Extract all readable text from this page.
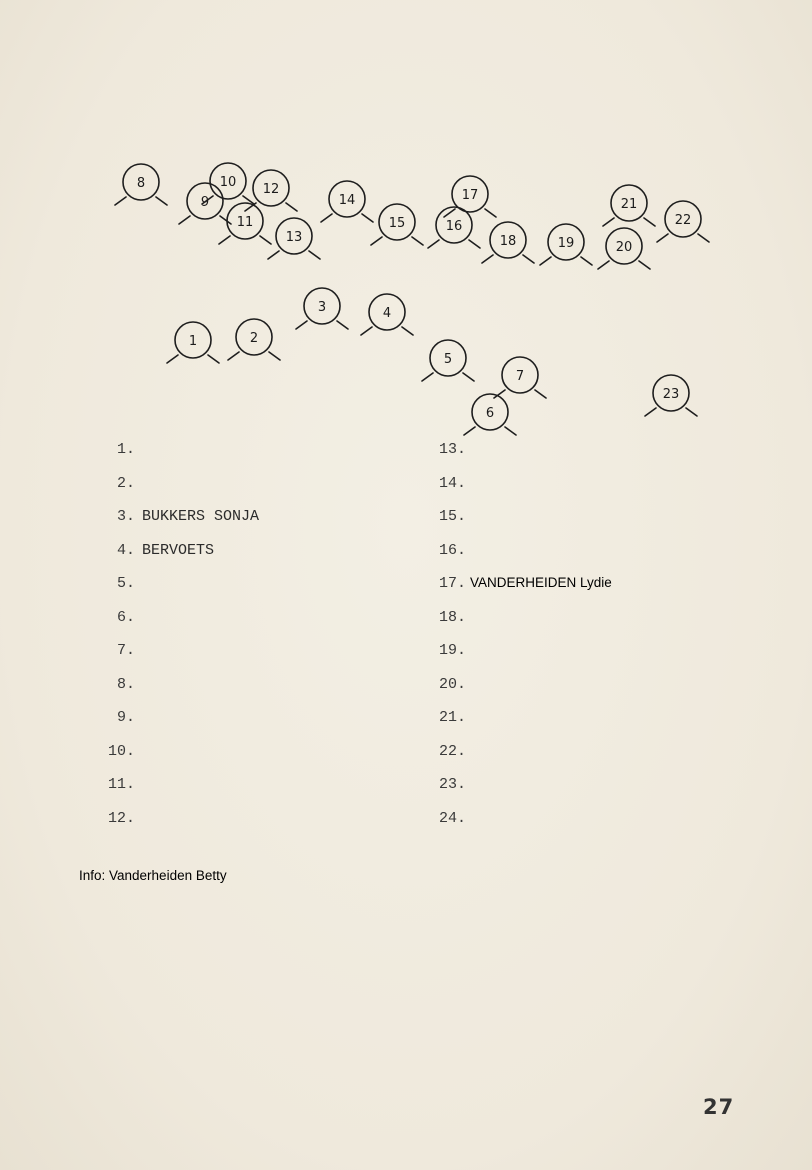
1	2
3	4
5
6
7
8
9
10
11
12
13
14
15	16
17
18	19	20
21
22
23
1.
2.
3. BUKKERS SONJA
4. BERVOETS
5.
6.
7.
8.
9.
10.
11.
12.
13.
14.
15.
16.
17. VANDERHEIDEN Lydie
18.
19.
20.
21.
22.
23.
24.
Info: Vanderheiden Betty
27
